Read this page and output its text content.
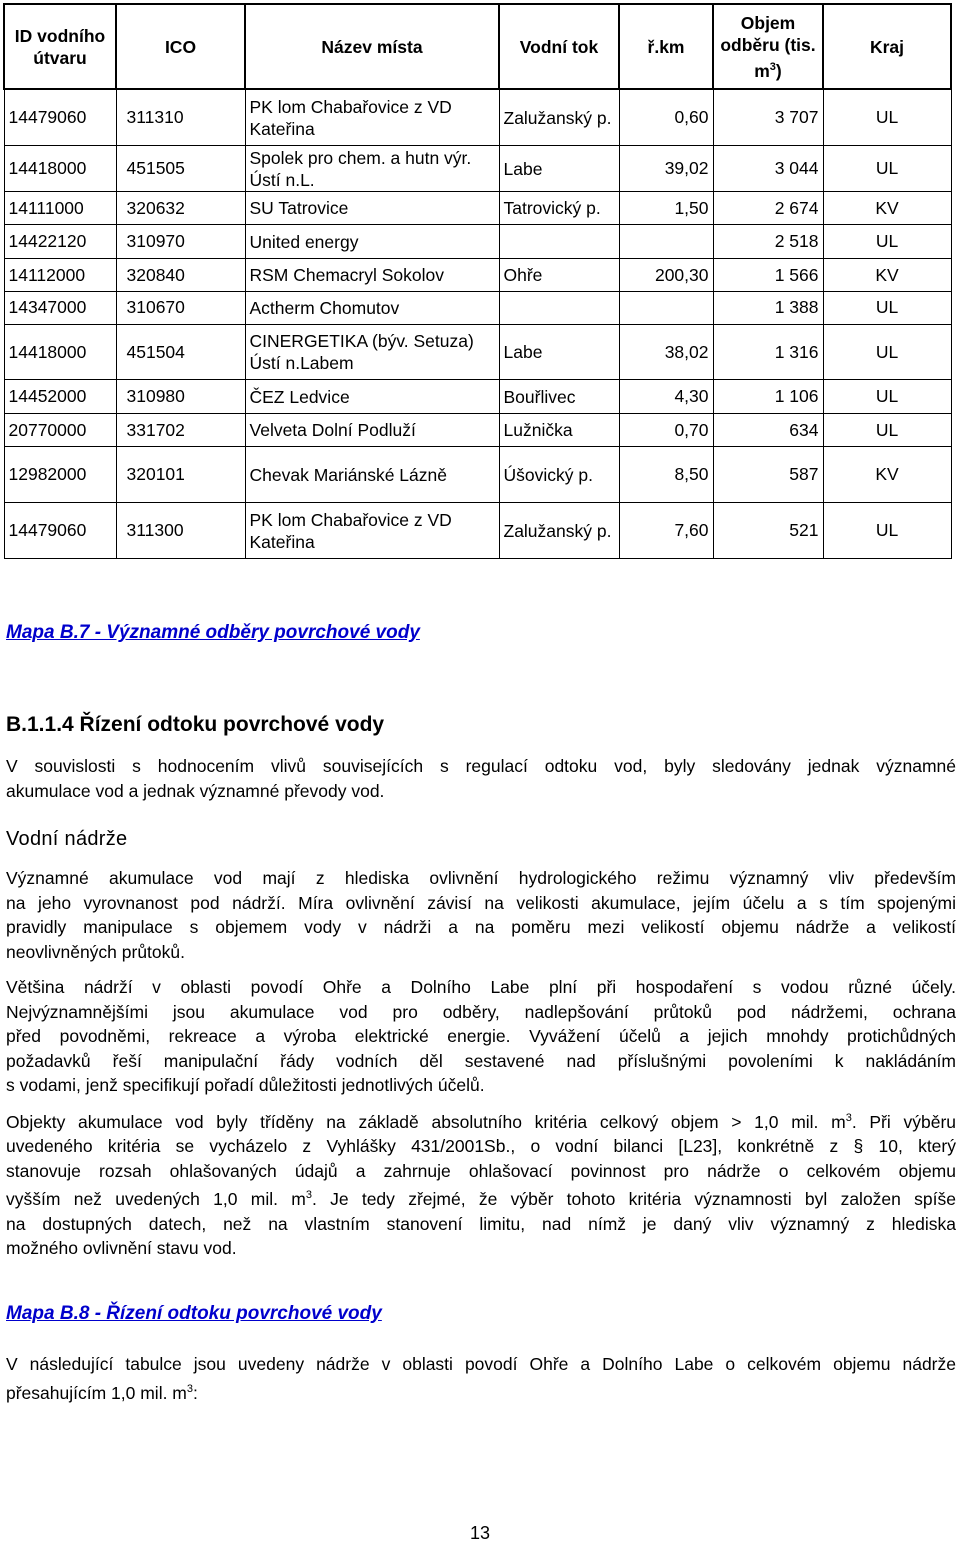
ID vodního útvaru	ICO	Název místa	Vodní tok	ř.km	Objem odběru (tis. $m^3$)	Kraj
14479060	311310	PK lom Chabařovice z VD Kateřina	Zalužanský p.	0,60	3 707	UL
14418000	451505	Spolek pro chem. a hutn výr. Ústí n.L.	Labe	39,02	3 044	UL
14111000	320632	SU Tatrovice	Tatrovický p.	1,50	2 674	KV
14422120	310970	United energy			2 518	UL
14112000	320840	RSM Chemacryl Sokolov	Ohře	200,30	1 566	KV
14347000	310670	Actherm Chomutov			1 388	UL
14418000	451504	CINERGETIKA (býv. Setuza) Ústí n.Labem	Labe	38,02	1 316	UL
14452000	310980	ČEZ Ledvice	Bouřlivec	4,30	1 106	UL
20770000	331702	Velveta Dolní Podluží	Lužnička	0,70	634	UL
12982000	320101	Chevak Mariánské Lázně	Úšovický p.	8,50	587	KV
14479060	311300	PK lom Chabařovice z VD Kateřina	Zalužanský p.	7,60	521	UL
Mapa B.7 - Významné odběry povrchové vody
B.1.1.4 Řízení odtoku povrchové vody
V souvislosti s hodnocením vlivů souvisejících s regulací odtoku vod, byly sledovány jednak významné
akumulace vod a jednak významné převody vod.
Vodní nádrže
Významné akumulace vod mají z hlediska ovlivnění hydrologického režimu významný vliv především
na jeho vyrovnanost pod nádrží. Míra ovlivnění závisí na velikosti akumulace, jejím účelu a s tím spojenými
pravidly manipulace s objemem vody v nádrži a na poměru mezi velikostí objemu nádrže a velikostí
neovlivněných průtoků.
Většina nádrží v oblasti povodí Ohře a Dolního Labe plní při hospodaření s vodou různé účely.
Nejvýznamnějšími jsou akumulace vod pro odběry, nadlepšování průtoků pod nádržemi, ochrana
před povodněmi, rekreace a výroba elektrické energie. Vyvážení účelů a jejich mnohdy protichůdných
požadavků řeší manipulační řády vodních děl sestavené nad příslušnými povoleními k nakládáním
s vodami, jenž specifikují pořadí důležitosti jednotlivých účelů.
Objekty akumulace vod byly tříděny na základě absolutního kritéria celkový objem > 1,0 mil. $m^3$. Při výběru
uvedeného kritéria se vycházelo z Vyhlášky 431/2001Sb., o vodní bilanci [L23], konkrétně z § 10, který
stanovuje rozsah ohlašovaných údajů a zahrnuje ohlašovací povinnost pro nádrže o celkovém objemu
vyšším než uvedených 1,0 mil. $m^3$. Je tedy zřejmé, že výběr tohoto kritéria významnosti byl založen spíše
na dostupných datech, než na vlastním stanovení limitu, nad nímž je daný vliv významný z hlediska
možného ovlivnění stavu vod.
Mapa B.8 - Řízení odtoku povrchové vody
V následující tabulce jsou uvedeny nádrže v oblasti povodí Ohře a Dolního Labe o celkovém objemu nádrže
přesahujícím 1,0 mil. $m^3$:
13
